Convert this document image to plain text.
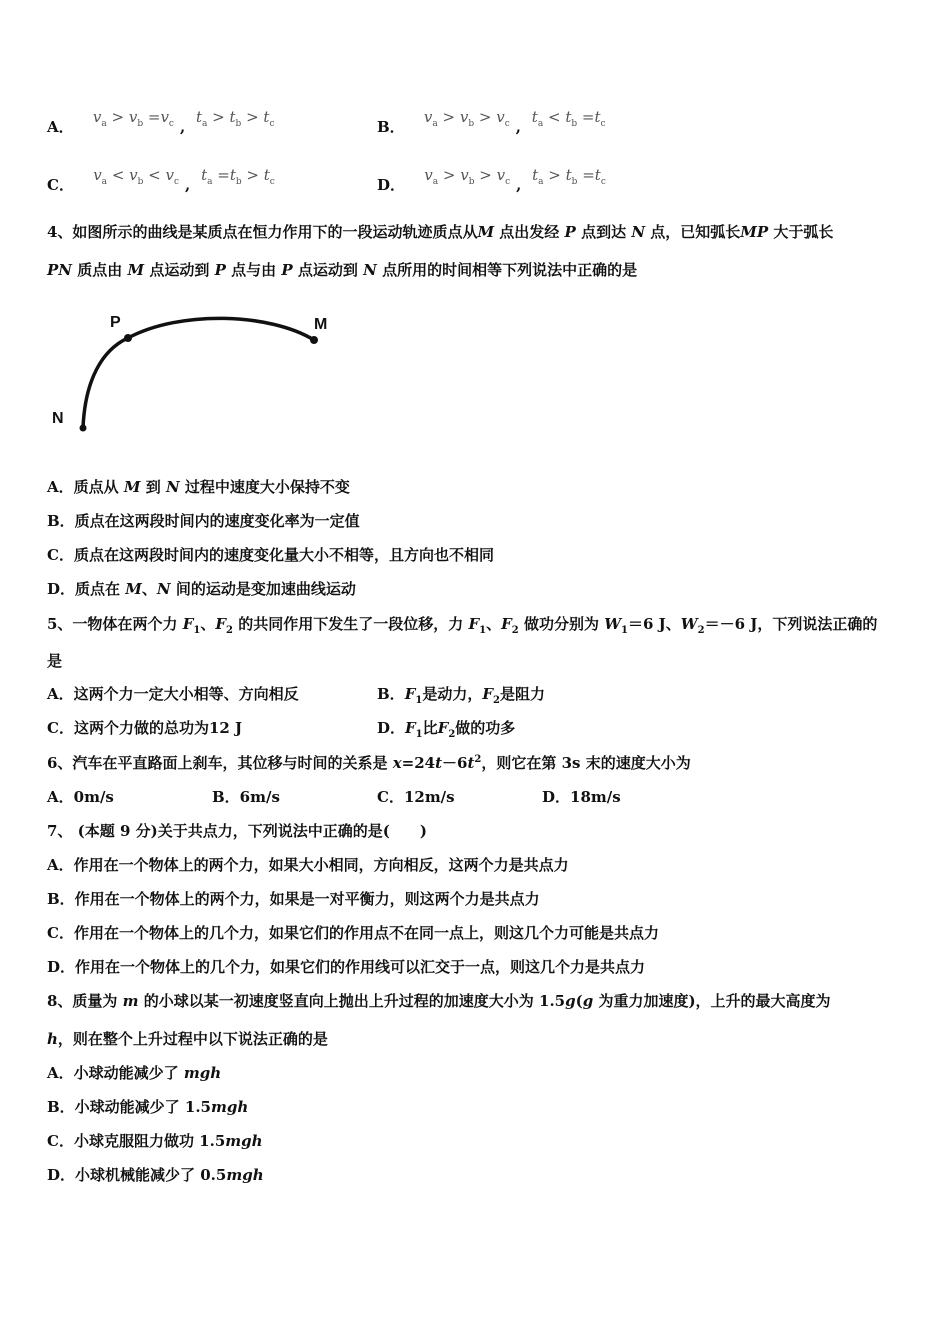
A． $v_a > v_b =v_c$ , $t_a > t_b > t_c$	B． $v_a > v_b > v_c$ , $t_a < t_b =t_c$
C． $v_a < v_b < v_c$ , $t_a =t_b > t_c$	D． $v_a > v_b > v_c$ , $t_a > t_b =t_c$
4、如图所示的曲线是某质点在恒力作用下的一段运动轨迹质点从M 点出发经 P 点到达 N 点，已知弧长MP 大于弧长
PN 质点由 M 点运动到 P 点与由 P 点运动到 N 点所用的时间相等下列说法中正确的是
P	M
N
A．质点从 M 到 N 过程中速度大小保持不变
B．质点在这两段时间内的速度变化率为一定值
C．质点在这两段时间内的速度变化量大小不相等，且方向也不相同
D．质点在 M、N 间的运动是变加速曲线运动
5、一物体在两个力 $F_1$、$F_2$ 的共同作用下发生了一段位移，力 $F_1$、$F_2$ 做功分别为 $W_1=6$ J、$W_2=-6$ J，下列说法正确的
是
A．这两个力一定大小相等、方向相反	B．$F_1$是动力，$F_2$是阻力
C．这两个力做的总功为12 J	D．$F_1$比$F_2$做的功多
6、汽车在平直路面上刹车，其位移与时间的关系是 $x=24t-6t^2$，则它在第 3s 末的速度大小为
A．0m/s	B．6m/s	C．12m/s	D．18m/s
7、 (本题 9 分)关于共点力，下列说法中正确的是(　　)
A．作用在一个物体上的两个力，如果大小相同，方向相反，这两个力是共点力
B．作用在一个物体上的两个力，如果是一对平衡力，则这两个力是共点力
C．作用在一个物体上的几个力，如果它们的作用点不在同一点上，则这几个力可能是共点力
D．作用在一个物体上的几个力，如果它们的作用线可以汇交于一点，则这几个力是共点力
8、质量为 m 的小球以某一初速度竖直向上抛出上升过程的加速度大小为 1.5g(g 为重力加速度)，上升的最大高度为
h，则在整个上升过程中以下说法正确的是
A．小球动能减少了 mgh
B．小球动能减少了 1.5mgh
C．小球克服阻力做功 1.5mgh
D．小球机械能减少了 0.5mgh
